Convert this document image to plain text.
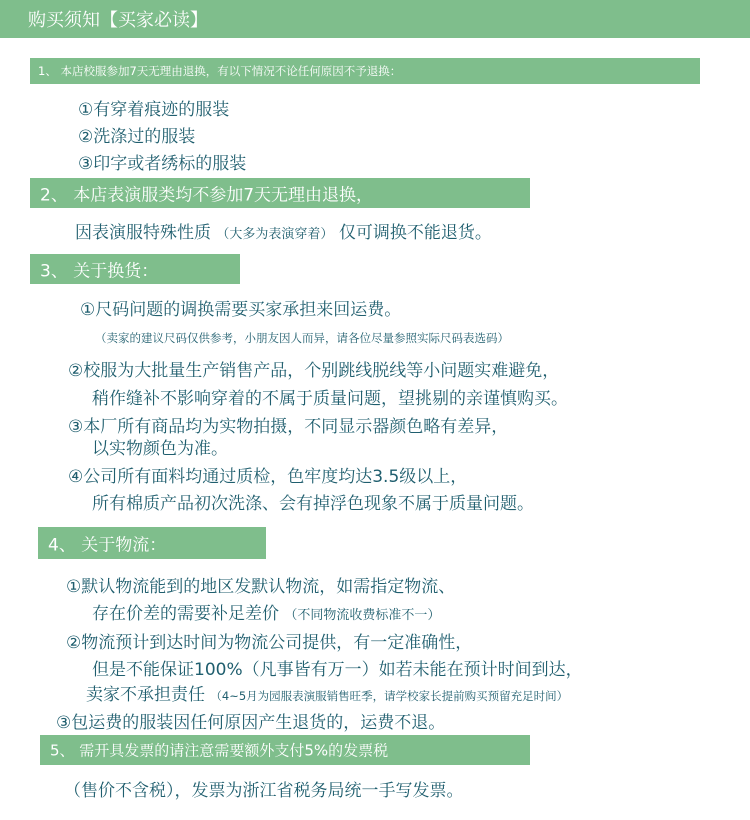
购买须知【买家必读】
1、 本店校服参加7天无理由退换，有以下情况不论任何原因不予退换：
①有穿着痕迹的服装
②洗涤过的服装
③印字或者绣标的服装
2、 本店表演服类均不参加7天无理由退换，
因表演服特殊性质 （大多为表演穿着） 仅可调换不能退货。
3、 关于换货：
①尺码问题的调换需要买家承担来回运费。
（卖家的建议尺码仅供参考，小朋友因人而异，请各位尽量参照实际尺码表选码）
②校服为大批量生产销售产品，个别跳线脱线等小问题实难避免，
稍作缝补不影响穿着的不属于质量问题，望挑剔的亲谨慎购买。
③本厂所有商品均为实物拍摄，不同显示器颜色略有差异，
以实物颜色为准。
④公司所有面料均通过质检，色牢度均达3.5级以上，
所有棉质产品初次洗涤、会有掉浮色现象不属于质量问题。
4、 关于物流：
①默认物流能到的地区发默认物流，如需指定物流、
存在价差的需要补足差价 （不同物流收费标准不一）
②物流预计到达时间为物流公司提供，有一定准确性，
但是不能保证100%（凡事皆有万一）如若未能在预计时间到达，
卖家不承担责任 （4~5月为园服表演服销售旺季，请学校家长提前购买预留充足时间）
③包运费的服装因任何原因产生退货的，运费不退。
5、 需开具发票的请注意需要额外支付5%的发票税
（售价不含税），发票为浙江省税务局统一手写发票。
